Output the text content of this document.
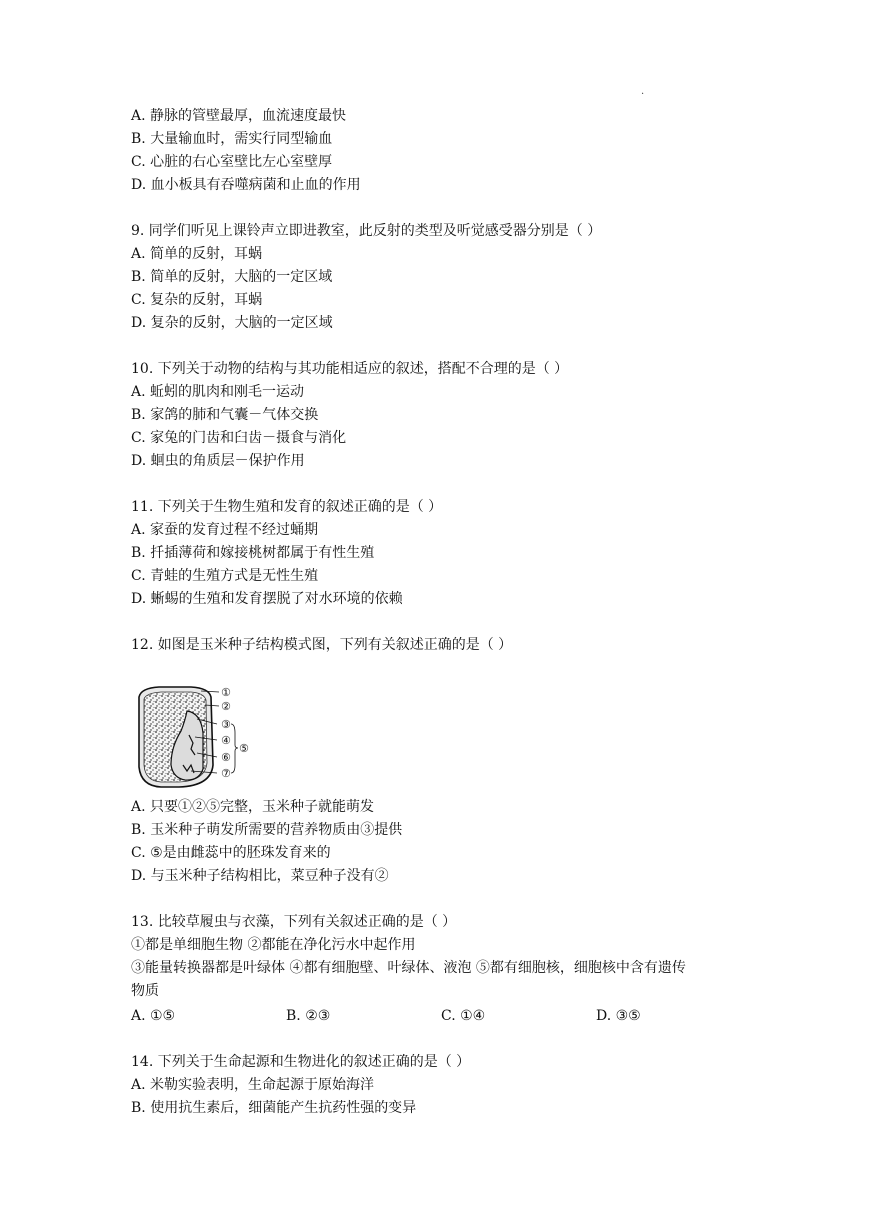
.
A. 静脉的管壁最厚，血流速度最快
B. 大量输血时，需实行同型输血
C. 心脏的右心室壁比左心室壁厚
D. 血小板具有吞噬病菌和止血的作用
9. 同学们听见上课铃声立即进教室，此反射的类型及听觉感受器分别是（ ）
A. 简单的反射，耳蜗
B. 简单的反射，大脑的一定区域
C. 复杂的反射，耳蜗
D. 复杂的反射，大脑的一定区域
10. 下列关于动物的结构与其功能相适应的叙述，搭配不合理的是（ ）
A. 蚯蚓的肌肉和刚毛一运动
B. 家鸽的肺和气囊－气体交换
C. 家兔的门齿和臼齿－摄食与消化
D. 蛔虫的角质层－保护作用
11. 下列关于生物生殖和发育的叙述正确的是（ ）
A. 家蚕的发育过程不经过蛹期
B. 扦插薄荷和嫁接桃树都属于有性生殖
C. 青蛙的生殖方式是无性生殖
D. 蜥蜴的生殖和发育摆脱了对水环境的依赖
12. 如图是玉米种子结构模式图，下列有关叙述正确的是（ ）
①
②
③
④
⑥
⑦
⑤
A. 只要①②⑤完整，玉米种子就能萌发
B. 玉米种子萌发所需要的营养物质由③提供
C. ⑤是由雌蕊中的胚珠发育来的
D. 与玉米种子结构相比，菜豆种子没有②
13. 比较草履虫与衣藻，下列有关叙述正确的是（ ）
①都是单细胞生物 ②都能在净化污水中起作用
③能量转换器都是叶绿体 ④都有细胞壁、叶绿体、液泡 ⑤都有细胞核，细胞核中含有遗传
物质
A. ①⑤	B. ②③	C. ①④	D. ③⑤
14. 下列关于生命起源和生物进化的叙述正确的是（ ）
A. 米勒实验表明，生命起源于原始海洋
B. 使用抗生素后，细菌能产生抗药性强的变异
